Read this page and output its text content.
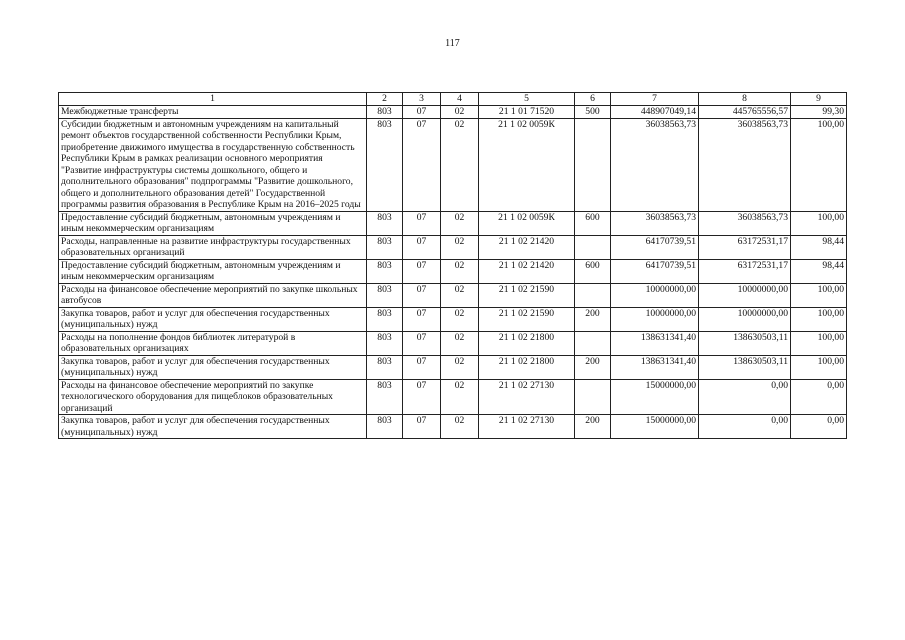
117
1	2	3	4	5	6	7	8	9
Межбюджетные трансферты	803	07	02	21 1 01 71520	500	448907049,14	445765556,57	99,30
Субсидии бюджетным и автономным учреждениям на капитальный ремонт объектов государственной собственности Республики Крым, приобретение движимого имущества в государственную собственность Республики Крым в рамках реализации основного мероприятия "Развитие инфраструктуры системы дошкольного, общего и дополнительного образования" подпрограммы "Развитие дошкольного, общего и дополнительного образования детей" Государственной программы развития образования в Республике Крым на 2016–2025 годы	803	07	02	21 1 02 0059К		36038563,73	36038563,73	100,00
Предоставление субсидий бюджетным, автономным учреждениям и иным некоммерческим организациям	803	07	02	21 1 02 0059К	600	36038563,73	36038563,73	100,00
Расходы, направленные на развитие инфраструктуры государственных образовательных организаций	803	07	02	21 1 02 21420		64170739,51	63172531,17	98,44
Предоставление субсидий бюджетным, автономным учреждениям и иным некоммерческим организациям	803	07	02	21 1 02 21420	600	64170739,51	63172531,17	98,44
Расходы на финансовое обеспечение мероприятий по закупке школьных автобусов	803	07	02	21 1 02 21590		10000000,00	10000000,00	100,00
Закупка товаров, работ и услуг для обеспечения государственных (муниципальных) нужд	803	07	02	21 1 02 21590	200	10000000,00	10000000,00	100,00
Расходы на пополнение фондов библиотек литературой в образовательных организациях	803	07	02	21 1 02 21800		138631341,40	138630503,11	100,00
Закупка товаров, работ и услуг для обеспечения государственных (муниципальных) нужд	803	07	02	21 1 02 21800	200	138631341,40	138630503,11	100,00
Расходы на финансовое обеспечение мероприятий по закупке технологического оборудования для пищеблоков образовательных организаций	803	07	02	21 1 02 27130		15000000,00	0,00	0,00
Закупка товаров, работ и услуг для обеспечения государственных (муниципальных) нужд	803	07	02	21 1 02 27130	200	15000000,00	0,00	0,00
